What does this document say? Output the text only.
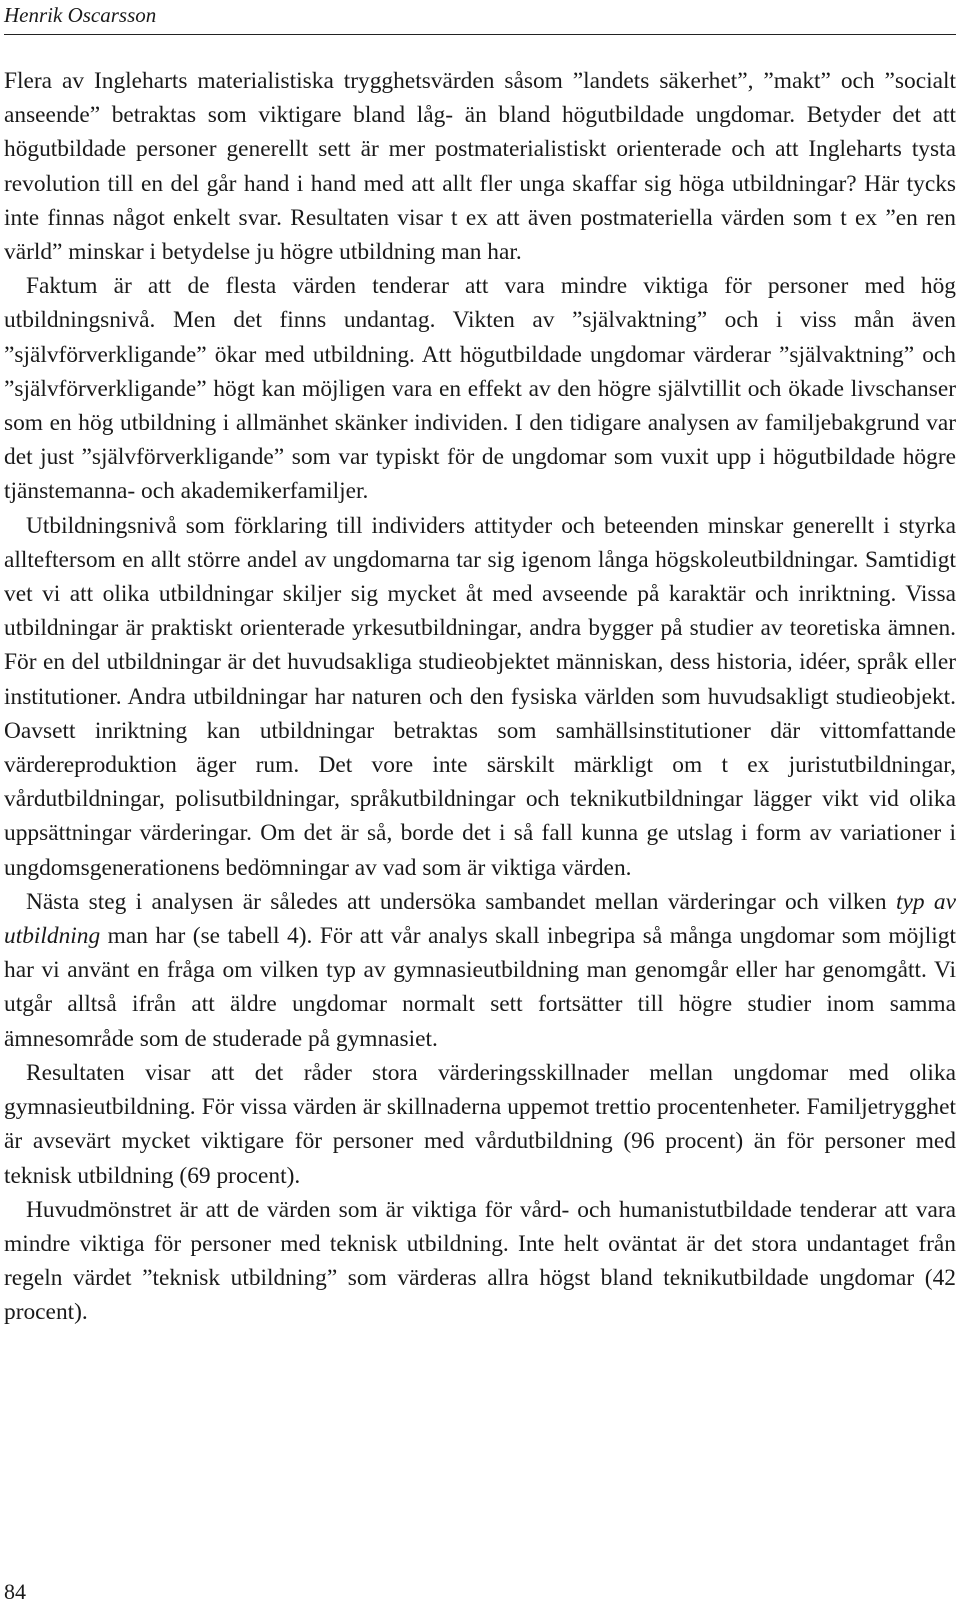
Henrik Oscarsson

Flera av Ingleharts materialistiska trygghetsvärden såsom ”landets säkerhet”, ”makt” och ”socialt anseende” betraktas som viktigare bland låg- än bland högutbildade ungdomar. Betyder det att högutbildade personer generellt sett är mer postmaterialistiskt orienterade och att Ingleharts tysta revolution till en del går hand i hand med att allt fler unga skaffar sig höga utbildningar? Här tycks inte finnas något enkelt svar. Resultaten visar t ex att även postmateriella värden som t ex ”en ren värld” minskar i betydelse ju högre utbildning man har.

Faktum är att de flesta värden tenderar att vara mindre viktiga för personer med hög utbildningsnivå. Men det finns undantag. Vikten av ”självaktning” och i viss mån även ”självförverkligande” ökar med utbildning. Att högutbildade ungdomar värderar ”självaktning” och ”självförverkligande” högt kan möjligen vara en effekt av den högre självtillit och ökade livschanser som en hög utbildning i allmänhet skänker individen. I den tidigare analysen av familjebakgrund var det just ”självförverkligande” som var typiskt för de ungdomar som vuxit upp i högutbildade högre tjänstemanna- och akademikerfamiljer.

Utbildningsnivå som förklaring till individers attityder och beteenden minskar generellt i styrka allteftersom en allt större andel av ungdomarna tar sig igenom långa högskoleutbildningar. Samtidigt vet vi att olika utbildningar skiljer sig mycket åt med avseende på karaktär och inriktning. Vissa utbildningar är praktiskt orienterade yrkesutbildningar, andra bygger på studier av teoretiska ämnen. För en del utbildningar är det huvudsakliga studieobjektet människan, dess historia, idéer, språk eller institutioner. Andra utbildningar har naturen och den fysiska världen som huvudsakligt studieobjekt. Oavsett inriktning kan utbildningar betraktas som samhällsinstitutioner där vittomfattande värdereproduktion äger rum. Det vore inte särskilt märkligt om t ex juristutbildningar, vårdutbildningar, polisutbildningar, språkutbildningar och teknikutbildningar lägger vikt vid olika uppsättningar värderingar. Om det är så, borde det i så fall kunna ge utslag i form av variationer i ungdomsgenerationens bedömningar av vad som är viktiga värden.

Nästa steg i analysen är således att undersöka sambandet mellan värderingar och vilken typ av utbildning man har (se tabell 4). För att vår analys skall inbegripa så många ungdomar som möjligt har vi använt en fråga om vilken typ av gymnasieutbildning man genomgår eller har genomgått. Vi utgår alltså ifrån att äldre ungdomar normalt sett fortsätter till högre studier inom samma ämnesområde som de studerade på gymnasiet.

Resultaten visar att det råder stora värderingsskillnader mellan ungdomar med olika gymnasieutbildning. För vissa värden är skillnaderna uppemot trettio procentenheter. Familjetrygghet är avsevärt mycket viktigare för personer med vårdutbildning (96 procent) än för personer med teknisk utbildning (69 procent).

Huvudmönstret är att de värden som är viktiga för vård- och humanistutbildade tenderar att vara mindre viktiga för personer med teknisk utbildning. Inte helt oväntat är det stora undantaget från regeln värdet ”teknisk utbildning” som värderas allra högst bland teknikutbildade ungdomar (42 procent).

84
